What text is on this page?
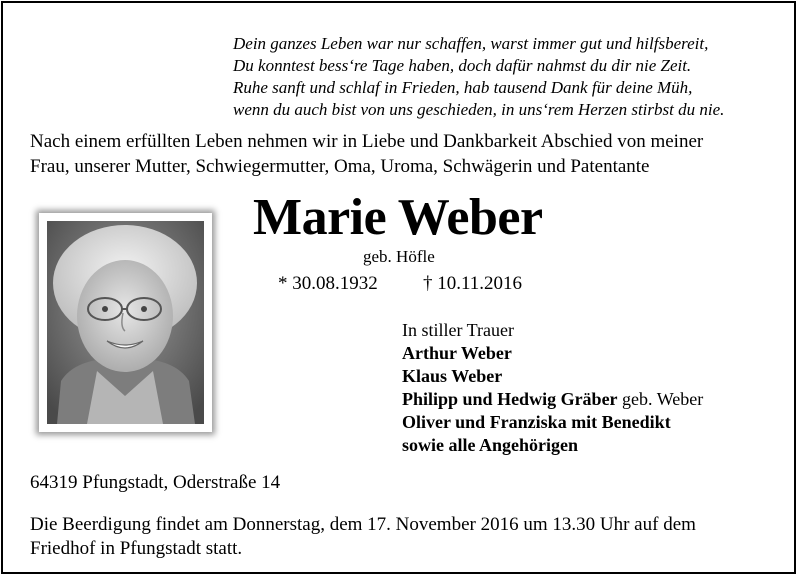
Dein ganzes Leben war nur schaffen, warst immer gut und hilfsbereit,
Du konntest bess‘re Tage haben, doch dafür nahmst du dir nie Zeit.
Ruhe sanft und schlaf in Frieden, hab tausend Dank für deine Müh,
wenn du auch bist von uns geschieden, in uns‘rem Herzen stirbst du nie.
Nach einem erfüllten Leben nehmen wir in Liebe und Dankbarkeit Abschied von meiner
Frau, unserer Mutter, Schwiegermutter, Oma, Uroma, Schwägerin und Patentante
Marie Weber
geb. Höfle
* 30.08.1932 † 10.11.2016
In stiller Trauer
Arthur Weber
Klaus Weber
Philipp und Hedwig Gräber geb. Weber
Oliver und Franziska mit Benedikt
sowie alle Angehörigen
64319 Pfungstadt, Oderstraße 14
Die Beerdigung findet am Donnerstag, dem 17. November 2016 um 13.30 Uhr auf dem
Friedhof in Pfungstadt statt.
